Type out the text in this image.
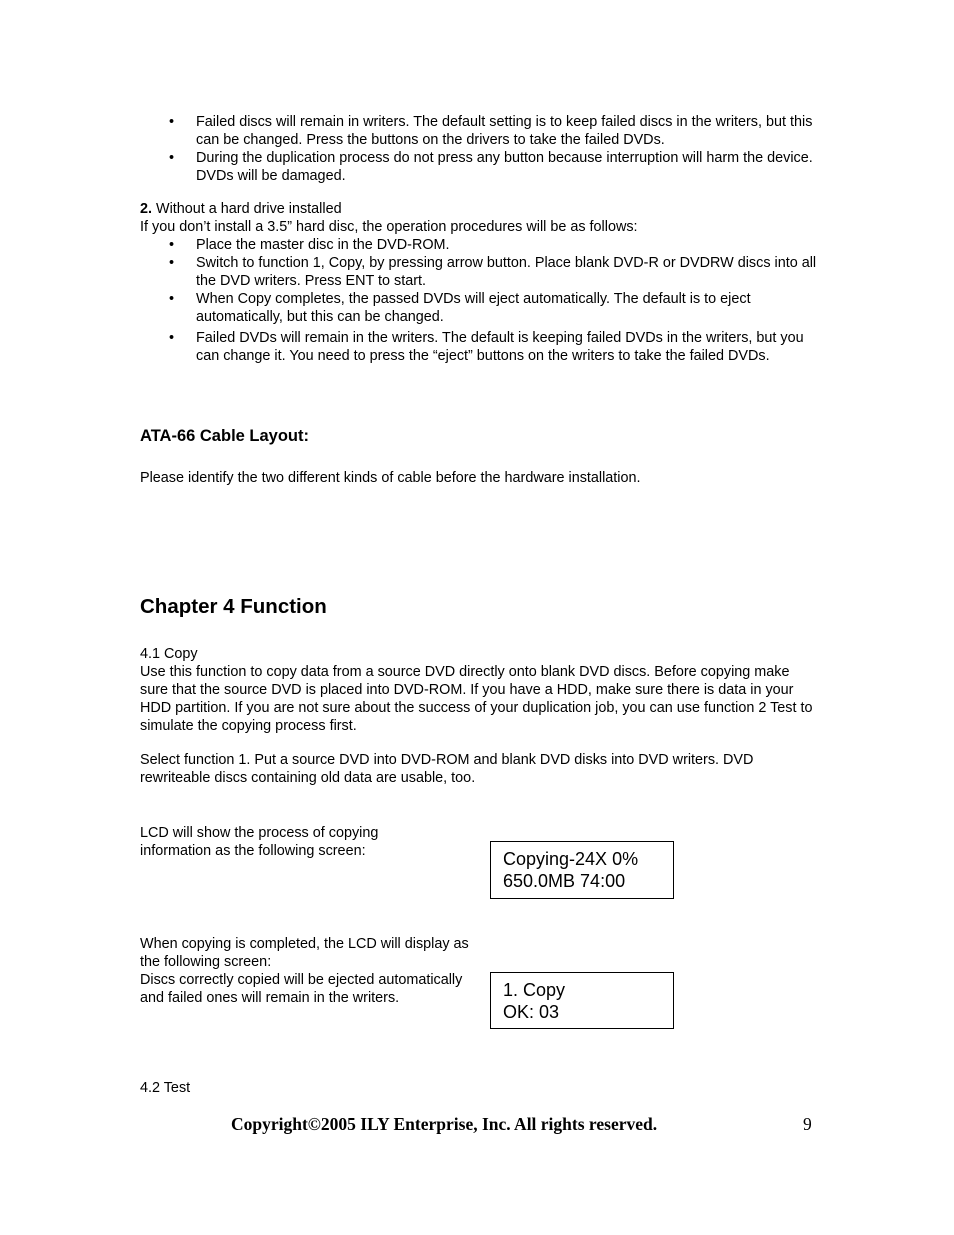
• Failed discs will remain in writers. The default setting is to keep failed discs in the writers, but this can be changed. Press the buttons on the drivers to take the failed DVDs.
• During the duplication process do not press any button because interruption will harm the device. DVDs will be damaged.
2. Without a hard drive installed
If you don’t install a 3.5” hard disc, the operation procedures will be as follows:
• Place the master disc in the DVD-ROM.
• Switch to function 1, Copy, by pressing arrow button. Place blank DVD-R or DVDRW discs into all the DVD writers. Press ENT to start.
• When Copy completes, the passed DVDs will eject automatically. The default is to eject automatically, but this can be changed.
• Failed DVDs will remain in the writers. The default is keeping failed DVDs in the writers, but you can change it. You need to press the “eject” buttons on the writers to take the failed DVDs.
ATA-66 Cable Layout:
Please identify the two different kinds of cable before the hardware installation.
Chapter 4 Function
4.1 Copy
Use this function to copy data from a source DVD directly onto blank DVD discs. Before copying make sure that the source DVD is placed into DVD-ROM. If you have a HDD, make sure there is data in your HDD partition. If you are not sure about the success of your duplication job, you can use function 2 Test to simulate the copying process first.
Select function 1. Put a source DVD into DVD-ROM and blank DVD disks into DVD writers. DVD rewriteable discs containing old data are usable, too.
LCD will show the process of copying
information as the following screen:	Copying-24X 0%
650.0MB 74:00
When copying is completed, the LCD will display as
the following screen:
Discs correctly copied will be ejected automatically
and failed ones will remain in the writers.	1. Copy
OK: 03
4.2 Test
Copyright©2005 ILY Enterprise, Inc. All rights reserved.	9
